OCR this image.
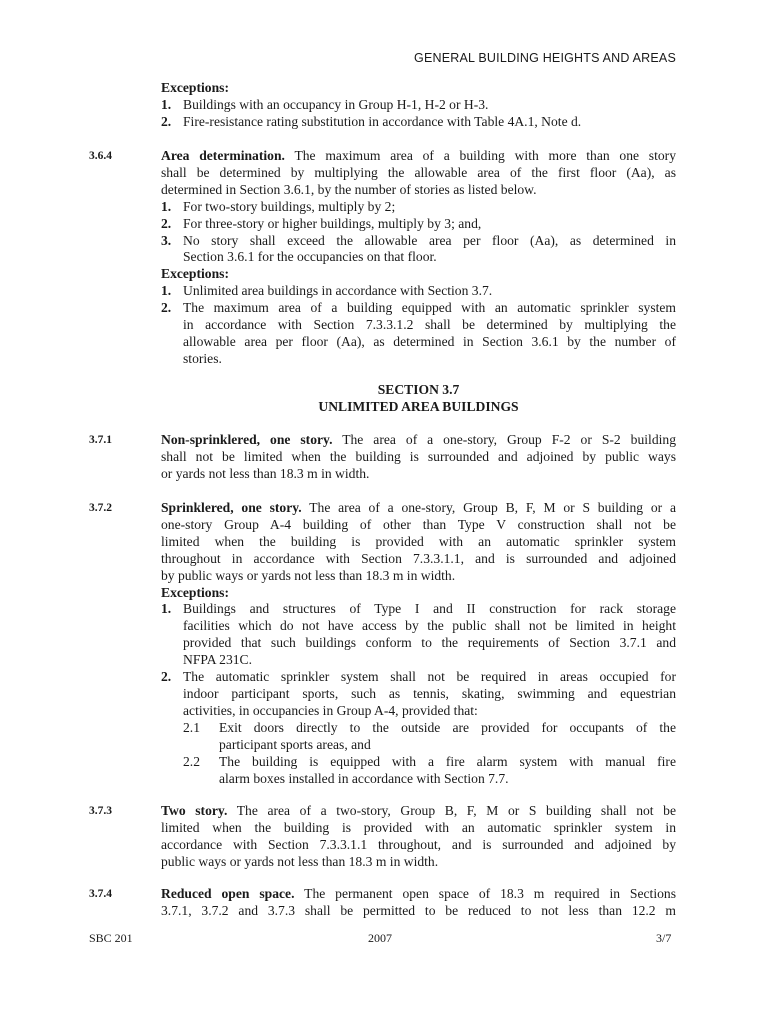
GENERAL BUILDING HEIGHTS AND AREAS
Exceptions:
1. Buildings with an occupancy in Group H-1, H-2 or H-3.
2. Fire-resistance rating substitution in accordance with Table 4A.1, Note d.
3.6.4	Area determination. The maximum area of a building with more than one story
shall be determined by multiplying the allowable area of the first floor (Aa), as
determined in Section 3.6.1, by the number of stories as listed below.
1. For two-story buildings, multiply by 2;
2. For three-story or higher buildings, multiply by 3; and,
3. No story shall exceed the allowable area per floor (Aa), as determined in
Section 3.6.1 for the occupancies on that floor.
Exceptions:
1. Unlimited area buildings in accordance with Section 3.7.
2. The maximum area of a building equipped with an automatic sprinkler system
in accordance with Section 7.3.3.1.2 shall be determined by multiplying the
allowable area per floor (Aa), as determined in Section 3.6.1 by the number of
stories.
SECTION 3.7
UNLIMITED AREA BUILDINGS
3.7.1	Non-sprinklered, one story. The area of a one-story, Group F-2 or S-2 building
shall not be limited when the building is surrounded and adjoined by public ways
or yards not less than 18.3 m in width.
3.7.2	Sprinklered, one story. The area of a one-story, Group B, F, M or S building or a
one-story Group A-4 building of other than Type V construction shall not be
limited when the building is provided with an automatic sprinkler system
throughout in accordance with Section 7.3.3.1.1, and is surrounded and adjoined
by public ways or yards not less than 18.3 m in width.
Exceptions:
1. Buildings and structures of Type I and II construction for rack storage
facilities which do not have access by the public shall not be limited in height
provided that such buildings conform to the requirements of Section 3.7.1 and
NFPA 231C.
2. The automatic sprinkler system shall not be required in areas occupied for
indoor participant sports, such as tennis, skating, swimming and equestrian
activities, in occupancies in Group A-4, provided that:
2.1 Exit doors directly to the outside are provided for occupants of the
participant sports areas, and
2.2 The building is equipped with a fire alarm system with manual fire
alarm boxes installed in accordance with Section 7.7.
3.7.3	Two story. The area of a two-story, Group B, F, M or S building shall not be
limited when the building is provided with an automatic sprinkler system in
accordance with Section 7.3.3.1.1 throughout, and is surrounded and adjoined by
public ways or yards not less than 18.3 m in width.
3.7.4	Reduced open space. The permanent open space of 18.3 m required in Sections
3.7.1, 3.7.2 and 3.7.3 shall be permitted to be reduced to not less than 12.2 m
SBC 201	2007	3/7
